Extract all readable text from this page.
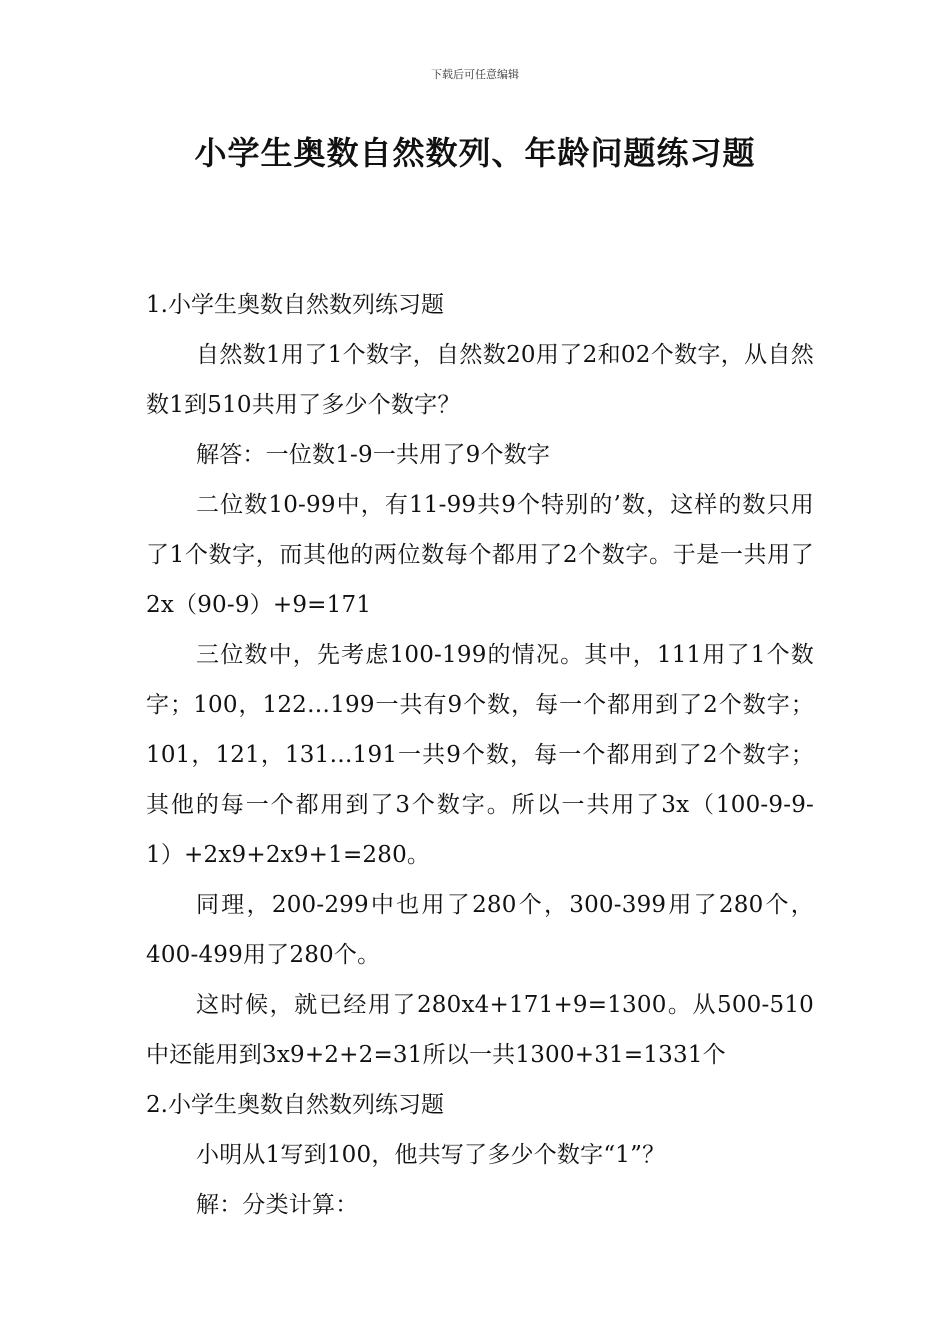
下载后可任意编辑
小学生奥数自然数列、年龄问题练习题
1.小学生奥数自然数列练习题

自然数1用了1个数字，自然数20用了2和02个数字，从自然数1到510共用了多少个数字？

解答：一位数1-9一共用了9个数字

二位数10-99中，有11-99共9个特别的’数，这样的数只用了1个数字，而其他的两位数每个都用了2个数字。于是一共用了2x（90-9）+9=171

三位数中，先考虑100-199的情况。其中，111用了1个数字；100，122…199一共有9个数，每一个都用到了2个数字；101，121，131…191一共9个数，每一个都用到了2个数字；其他的每一个都用到了3个数字。所以一共用了3x（100-9-9-1）+2x9+2x9+1=280。

同理，200-299中也用了280个，300-399用了280个，400-499用了280个。

这时候，就已经用了280x4+171+9=1300。从500-510中还能用到3x9+2+2=31所以一共1300+31=1331个

2.小学生奥数自然数列练习题

小明从1写到100，他共写了多少个数字“1”？

解：分类计算：
